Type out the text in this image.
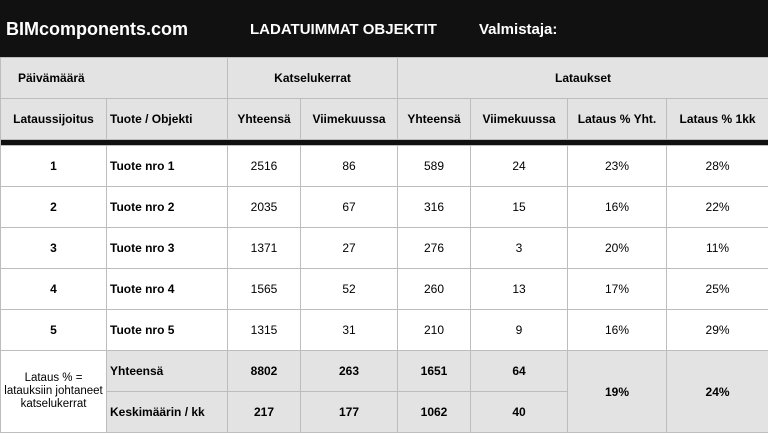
BIMcomponents.com	LADATUIMMAT OBJEKTIT	Valmistaja:
Päivämäärä		Katselukerrat		Lataukset			
Lataussijoitus	Tuote / Objekti	Yhteensä	Viimekuussa	Yhteensä	Viimekuussa	Lataus % Yht.	Lataus % 1kk

1	Tuote nro 1	2516	86	589	24	23%	28%
2	Tuote nro 2	2035	67	316	15	16%	22%
3	Tuote nro 3	1371	27	276	3	20%	11%
4	Tuote nro 4	1565	52	260	13	17%	25%
5	Tuote nro 5	1315	31	210	9	16%	29%
Lataus % = latauksiin johtaneet katselukerrat	Yhteensä	8802	263	1651	64	19%	24%
	Keskimäärin / kk	217	177	1062	40		
